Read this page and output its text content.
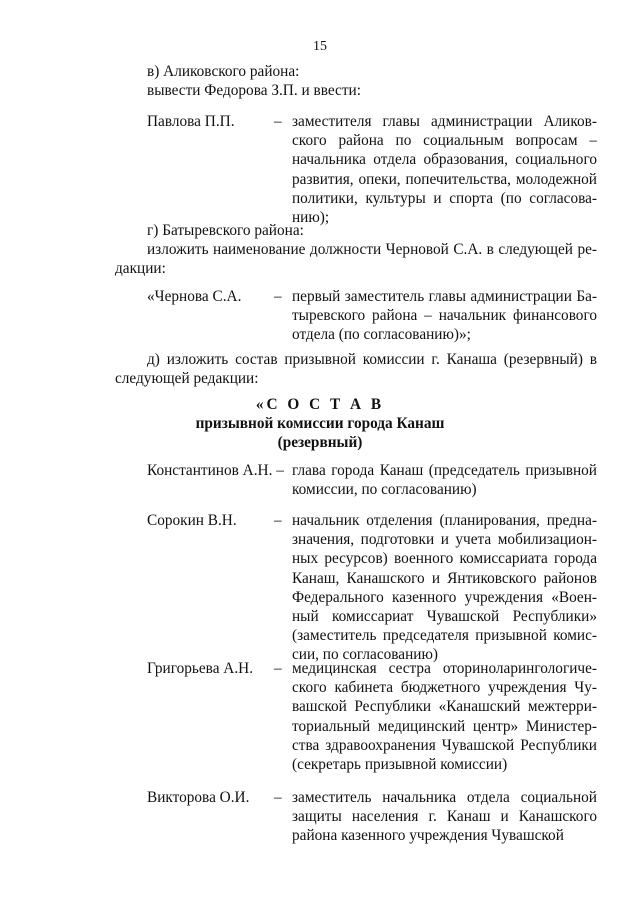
15

в) Аликовского района:

вывести Федорова З.П. и ввести:

Павлова П.П.	– заместителя главы администрации Аликов-ского района по социальным вопросам – начальника отдела образования, социального развития, опеки, попечительства, молодежной политики, культуры и спорта (по согласова-нию);

г) Батыревского района:

изложить наименование должности Черновой С.А. в следующей ре-дакции:

«Чернова С.А. – первый заместитель главы администрации Ба-тыревского района – начальник финансового отдела (по согласованию)»;

д) изложить состав призывной комиссии г. Канаша (резервный) в следующей редакции:

«С О С Т А В
призывной комиссии города Канаш
(резервный)
Константинов А.Н. – глава города Канаш (председатель призывной комиссии, по согласованию)
Сорокин В.Н. – начальник отделения (планирования, предна-значения, подготовки и учета мобилизацион-ных ресурсов) военного комиссариата города Канаш, Канашского и Янтиковского районов Федерального казенного учреждения «Воен-ный комиссариат Чувашской Республики» (заместитель председателя призывной комис-сии, по согласованию)
Григорьева А.Н. – медицинская сестра оториноларингологиче-ского кабинета бюджетного учреждения Чу-вашской Республики «Канашский межтерри-ториальный медицинский центр» Министер-ства здравоохранения Чувашской Республики (секретарь призывной комиссии)
Викторова О.И. – заместитель начальника отдела социальной защиты населения г. Канаш и Канашского района казенного учреждения Чувашской
